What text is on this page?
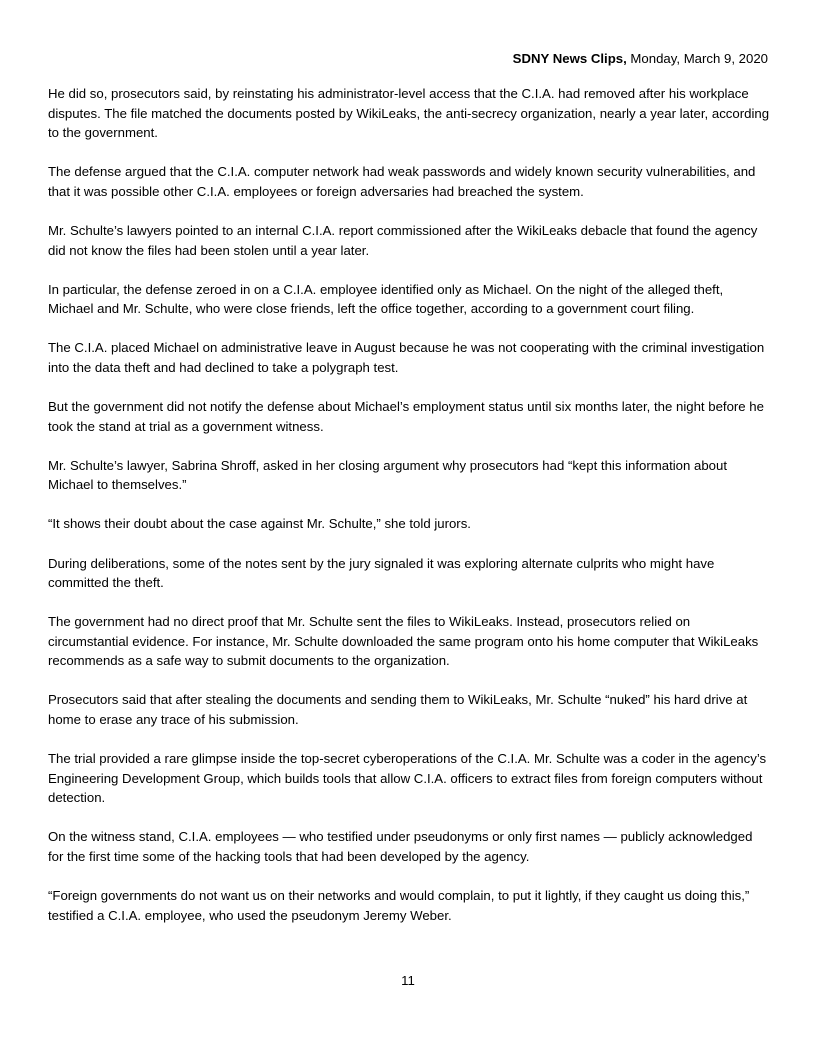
SDNY News Clips, Monday, March 9, 2020

He did so, prosecutors said, by reinstating his administrator-level access that the C.I.A. had removed after his workplace disputes. The file matched the documents posted by WikiLeaks, the anti-secrecy organization, nearly a year later, according to the government.

The defense argued that the C.I.A. computer network had weak passwords and widely known security vulnerabilities, and that it was possible other C.I.A. employees or foreign adversaries had breached the system.

Mr. Schulte’s lawyers pointed to an internal C.I.A. report commissioned after the WikiLeaks debacle that found the agency did not know the files had been stolen until a year later.

In particular, the defense zeroed in on a C.I.A. employee identified only as Michael. On the night of the alleged theft, Michael and Mr. Schulte, who were close friends, left the office together, according to a government court filing.

The C.I.A. placed Michael on administrative leave in August because he was not cooperating with the criminal investigation into the data theft and had declined to take a polygraph test.

But the government did not notify the defense about Michael’s employment status until six months later, the night before he took the stand at trial as a government witness.

Mr. Schulte’s lawyer, Sabrina Shroff, asked in her closing argument why prosecutors had “kept this information about Michael to themselves.”

“It shows their doubt about the case against Mr. Schulte,” she told jurors.

During deliberations, some of the notes sent by the jury signaled it was exploring alternate culprits who might have committed the theft.

The government had no direct proof that Mr. Schulte sent the files to WikiLeaks. Instead, prosecutors relied on circumstantial evidence. For instance, Mr. Schulte downloaded the same program onto his home computer that WikiLeaks recommends as a safe way to submit documents to the organization.

Prosecutors said that after stealing the documents and sending them to WikiLeaks, Mr. Schulte “nuked” his hard drive at home to erase any trace of his submission.

The trial provided a rare glimpse inside the top-secret cyberoperations of the C.I.A. Mr. Schulte was a coder in the agency’s Engineering Development Group, which builds tools that allow C.I.A. officers to extract files from foreign computers without detection.

On the witness stand, C.I.A. employees — who testified under pseudonyms or only first names — publicly acknowledged for the first time some of the hacking tools that had been developed by the agency.

“Foreign governments do not want us on their networks and would complain, to put it lightly, if they caught us doing this,” testified a C.I.A. employee, who used the pseudonym Jeremy Weber.

11
